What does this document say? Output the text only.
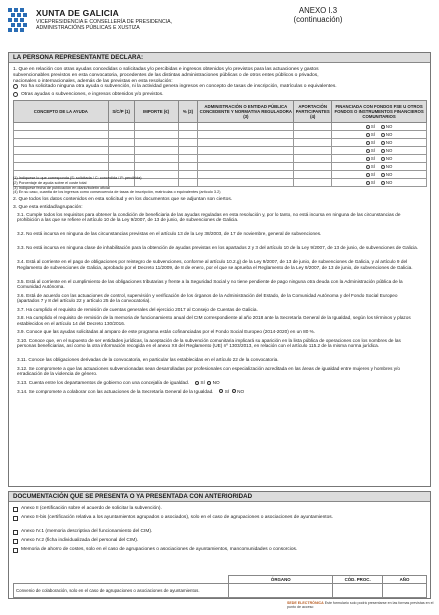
XUNTA DE GALICIA
VICEPRESIDENCIA E CONSELLERÍA DE PRESIDENCIA,
ADMINISTRACIÓNS PÚBLICAS E XUSTIZA
ANEXO I.3
(continuación)
LA PERSONA REPRESENTANTE DECLARA:
1. Que en relación con otras ayudas concedidas o solicitadas y/o percibidas e ingresos obtenidos y/o previstos para las actuaciones y gastos
subvencionables previstos en esta convocatoria, procedentes de las distintas administraciones públicas o de otros entes públicos o privados,
nacionales o internacionales, además de las previstas en esta resolución:
No ha solicitado ninguna otra ayuda o subvención, ni la actividad genera ingresos en concepto de tasas de inscripción, matrículas o equivalentes.
CONCEPTO DE LA AYUDA	S/C/P (1)	IMPORTE (€)	% (2)	ADMINISTRACIÓN O ENTIDAD PÚBLICA CONCEDENTE Y NORMATIVA REGULADORA (3)	APORTACIÓN PARTICIPANTES (4)	FINANCIADA CON FONDOS FSE U OTROS FONDOS O INSTRUMENTOS FINANCIEROS COMUNITARIOS

						SÍ NO

						SÍ NO

						SÍ NO

						SÍ NO

						SÍ NO

						SÍ NO

						SÍ NO

						SÍ NO
Otras ayudas o subvenciones, e ingresos obtenidos y/o previstos.
(1) Indíquese lo que corresponda (S: solicitada / C: concedida / P: percibida)
(2) Porcentaje de ayuda sobre el coste total
(3) Indíquese fecha de publicación en diario/boletín oficial
(4) En su caso, cuantía de los ingresos como consecuencia de tasas de inscripción, matrículas o equivalentes (artículo 3.2)
2. Que todos los datos contenidos en esta solicitud y en los documentos que se adjuntan son ciertos.
3. Que esta entidad/agrupación:
3.1. Cumple todos los requisitos para obtener la condición de beneficiaria de las ayudas reguladas en esta resolución y, por lo tanto, no está incursa en ninguna de las circunstancias de prohibición a las que se refiere el artículo 10 de la Ley 9/2007, de 13 de junio, de subvenciones de Galicia.
3.2. No está incursa en ninguna de las circunstancias previstas en el artículo 13 de la Ley 38/2003, de 17 de noviembre, general de subvenciones.
3.3. No está incursa en ninguna clase de inhabilitación para la obtención de ayudas previstas en los apartados 2 y 3 del artículo 10 de la Ley 9/2007, de 13 de junio, de subvenciones de Galicia.
3.4. Está al corriente en el pago de obligaciones por reintegro de subvenciones, conforme al artículo 10.2.g) de la Ley 9/2007, de 13 de junio, de subvenciones de Galicia, y al artículo 9 del Reglamento de subvenciones de Galicia, aprobado por el Decreto 11/2009, de 8 de enero, por el que se aprueba el Reglamento de la Ley 9/2007, de 13 de junio, de subvenciones de Galicia.
3.5. Está al corriente en el cumplimiento de las obligaciones tributarias y frente a la Seguridad Social y no tiene pendiente de pago ninguna otra deuda con la Administración pública de la Comunidad Autónoma.
3.6. Está de acuerdo con las actuaciones de control, supervisión y verificación de los órganos de la Administración del Estado, de la Comunidad Autónoma y del Fondo Social Europeo (apartados 7 y 8 del artículo 22 y artículo 25 de la convocatoria).
3.7. Ha cumplido el requisito de remisión de cuentas generales del ejercicio 2017 al Consejo de Cuentas de Galicia.
3.8. Ha cumplido el requisito de remisión de la memoria de funcionamiento anual del CIM correspondiente al año 2018 ante la Secretaría General de la Igualdad, según los términos y plazos establecidos en el artículo 14 del Decreto 130/2016.
3.9. Conoce que las ayudas solicitadas al amparo de este programa están cofinanciadas por el Fondo Social Europeo (2014-2020) en un 80 %.
3.10. Conoce que, en el supuesto de ser entidades jurídicas, la aceptación de la subvención comunitaria implicará su aparición en la lista pública de operaciones con los nombres de las personas beneficiarias, así como la otra información recogida en el anexo XII del Reglamento (UE) nº 1303/2013, en relación con el artículo 115.2 de la misma norma jurídica.
3.11. Conoce las obligaciones derivadas de la convocatoria, en particular las establecidas en el artículo 22 de la convocatoria.
3.12. Se compromete a que las actuaciones subvencionadas sean desarrolladas por profesionales con especialización acreditada en las áreas de igualdad entre mujeres y hombres y/o erradicación de la violencia de género.
3.13. Cuenta entre los departamentos de gobierno con una concejalía de igualdad. SÍ NO
3.14. Se compromete a colaborar con las actuaciones de la Secretaría General de la Igualdad. SÍ NO
DOCUMENTACIÓN QUE SE PRESENTA O YA PRESENTADA CON ANTERIORIDAD
Anexo II (certificación sobre el acuerdo de solicitar la subvención).
Anexo II-bis (certificación relativa a los ayuntamientos agrupados o asociados), solo en el caso de agrupaciones o asociaciones de ayuntamientos.
Anexo IV.1 (memoria descriptiva del funcionamiento del CIM).
Anexo IV.2 (ficha individualizada del personal del CIM).
Memoria de ahorro de costes, solo en el caso de agrupaciones o asociaciones de ayuntamientos, mancomunidades o consorcios.
	ÓRGANO	CÓD. PROC.	AÑO
Convenio de colaboración, solo en el caso de agrupaciones o asociaciones de ayuntamientos.			
SEDE ELECTRÓNICA Este formulario solo podrá presentarse en las formas previstas en el punto de acceso
